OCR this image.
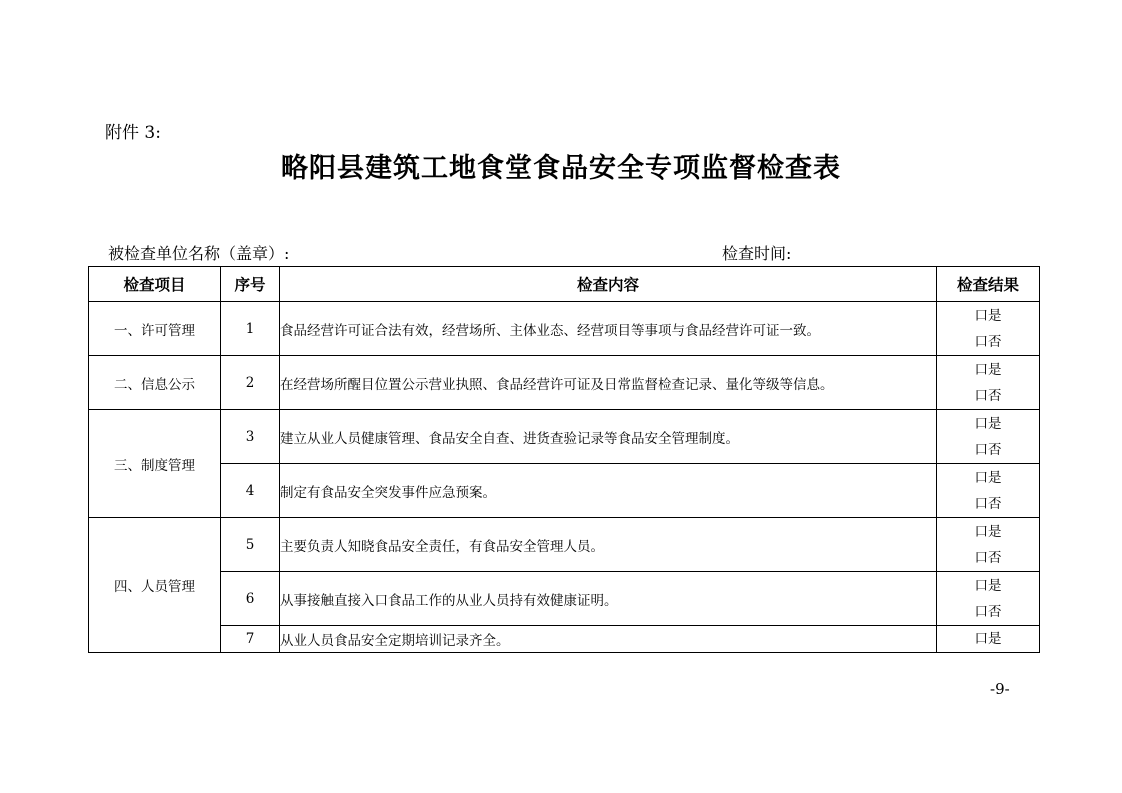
附件 3:
略阳县建筑工地食堂食品安全专项监督检查表
被检查单位名称（盖章）:	检查时间:
检查项目	序号	检查内容	检查结果
一、许可管理	1	食品经营许可证合法有效，经营场所、主体业态、经营项目等事项与食品经营许可证一致。	口是
口否

二、信息公示	2	在经营场所醒目位置公示营业执照、食品经营许可证及日常监督检查记录、量化等级等信息。	口是
口否

三、制度管理	3	建立从业人员健康管理、食品安全自查、进货查验记录等食品安全管理制度。	口是
口否

	4	制定有食品安全突发事件应急预案。	口是
口否

四、人员管理	5	主要负责人知晓食品安全责任，有食品安全管理人员。	口是
口否

	6	从事接触直接入口食品工作的从业人员持有效健康证明。	口是
口否

	7	从业人员食品安全定期培训记录齐全。	口是
-9-
